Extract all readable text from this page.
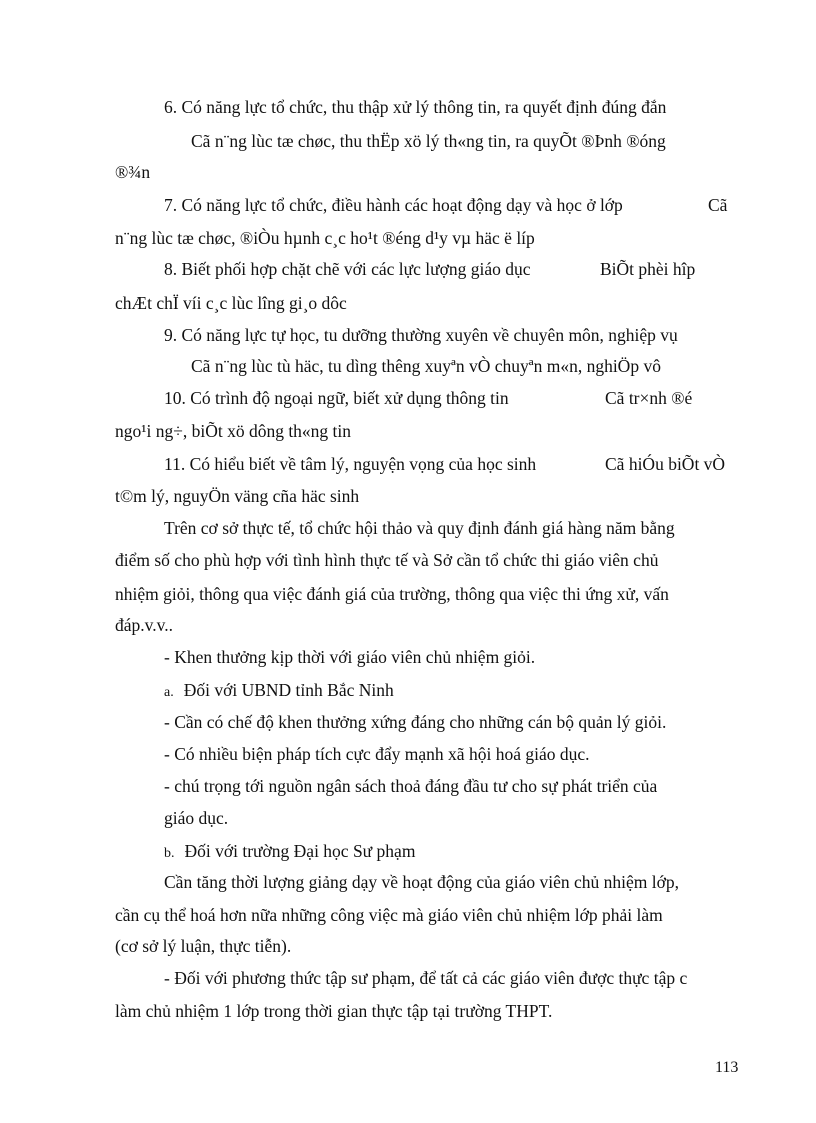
6. Có năng lực tổ chức, thu thập xử lý thông tin, ra quyết định đúng đắn
Cã n¨ng lùc tæ chøc, thu thËp xö lý th«ng tin, ra quyÕt ®Þnh ®óng
®¾n
7. Có năng lực tổ chức, điều hành các hoạt động dạy và học ở lớp	Cã
n¨ng lùc tæ chøc, ®iÒu hµnh c¸c ho¹t ®éng d¹y vµ häc ë líp
8. Biết phối hợp chặt chẽ với các lực lượng giáo dục	BiÕt phèi hîp
chÆt chÏ víi c¸c lùc lîng gi¸o dôc
9. Có năng lực tự học, tu dưỡng thường xuyên về chuyên môn, nghiệp vụ
Cã n¨ng lùc tù häc, tu dìng thêng xuyªn vÒ chuyªn m«n, nghiÖp vô
10. Có trình độ ngoại ngữ, biết xử dụng thông tin	Cã tr×nh ®é
ngo¹i ng÷, biÕt xö dông th«ng tin
11. Có hiểu biết về tâm lý, nguyện vọng của học sinh	Cã hiÓu biÕt vÒ
t©m lý, nguyÖn väng cña häc sinh
Trên cơ sở thực tế, tổ chức hội thảo và quy định đánh giá hàng năm bằng
điểm số cho phù hợp với tình hình thực tế và Sở cần tổ chức thi giáo viên chủ
nhiệm giỏi, thông qua việc đánh giá của trường, thông qua việc thi ứng xử, vấn
đáp.v.v..
- Khen thưởng kịp thời với giáo viên chủ nhiệm giỏi.
a. Đối với UBND tỉnh Bắc Ninh
- Cần có chế độ khen thưởng xứng đáng cho những cán bộ quản lý giỏi.
- Có nhiều biện pháp tích cực đẩy mạnh xã hội hoá giáo dục.
- chú trọng tới nguồn ngân sách thoả đáng đầu tư cho sự phát triển của
giáo dục.
b. Đối với trường Đại học Sư phạm
Cần tăng thời lượng giảng dạy về hoạt động của giáo viên chủ nhiệm lớp,
cần cụ thể hoá hơn nữa những công việc mà giáo viên chủ nhiệm lớp phải làm
(cơ sở lý luận, thực tiễn).
- Đối với phương thức tập sư phạm, để tất cả các giáo viên được thực tập c
làm chủ nhiệm 1 lớp trong thời gian thực tập tại trường THPT.
113
